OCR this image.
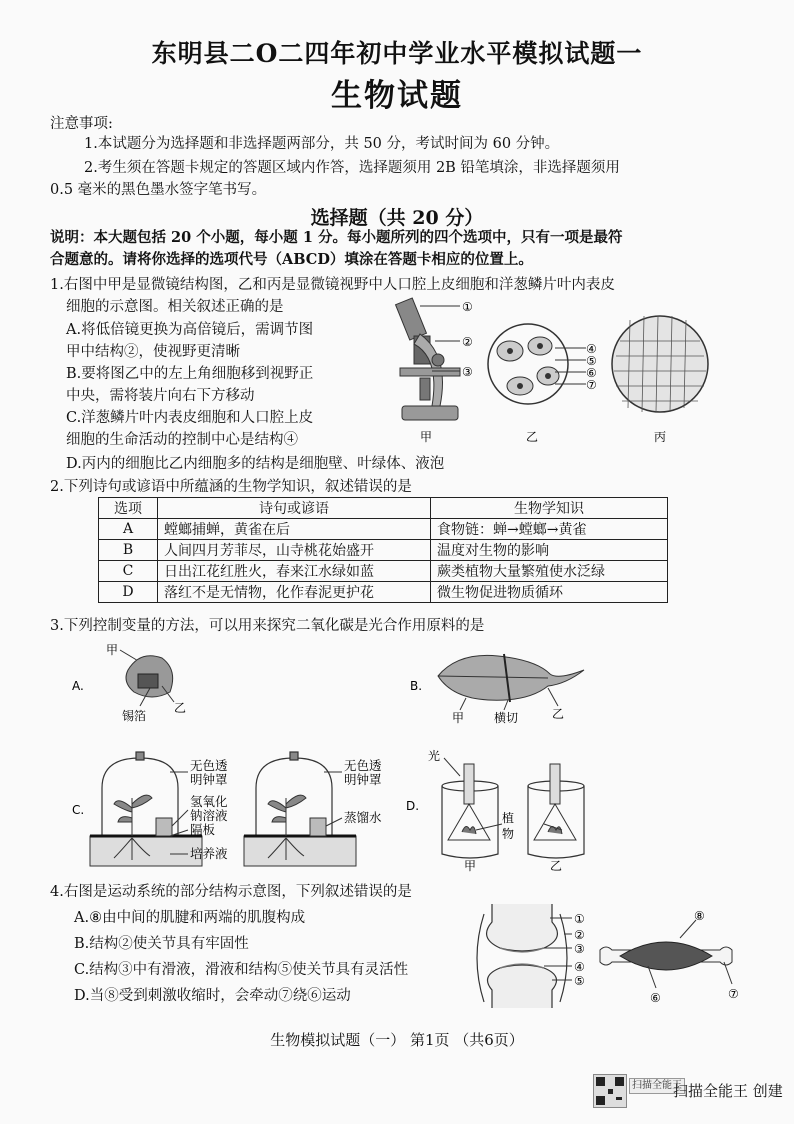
东明县二O二四年初中学业水平模拟试题一
生物试题
注意事项:
1.本试题分为选择题和非选择题两部分，共 50 分，考试时间为 60 分钟。
2.考生须在答题卡规定的答题区域内作答，选择题须用 2B 铅笔填涂，非选择题须用
0.5 毫米的黑色墨水签字笔书写。
选择题（共 20 分）
说明：本大题包括 20 个小题，每小题 1 分。每小题所列的四个选项中，只有一项是最符
合题意的。请将你选择的选项代号（ABCD）填涂在答题卡相应的位置上。
1.右图中甲是显微镜结构图，乙和丙是显微镜视野中人口腔上皮细胞和洋葱鳞片叶内表皮
细胞的示意图。相关叙述正确的是
A.将低倍镜更换为高倍镜后，需调节图
甲中结构②，使视野更清晰
B.要将图乙中的左上角细胞移到视野正
中央，需将装片向右下方移动
C.洋葱鳞片叶内表皮细胞和人口腔上皮
细胞的生命活动的控制中心是结构④
D.丙内的细胞比乙内细胞多的结构是细胞壁、叶绿体、液泡
①
②
③
甲
④
⑤
⑥
⑦
乙	丙
2.下列诗句或谚语中所蕴涵的生物学知识，叙述错误的是
选项	诗句或谚语	生物学知识
A	螳螂捕蝉，黄雀在后	食物链：蝉→螳螂→黄雀
B	人间四月芳菲尽，山寺桃花始盛开	温度对生物的影响
C	日出江花红胜火，春来江水绿如蓝	蕨类植物大量繁殖使水泛绿
D	落红不是无情物，化作春泥更护花	微生物促进物质循环
3.下列控制变量的方法，可以用来探究二氧化碳是光合作用原料的是
A.
甲
锡箔
乙
B.
甲 横切	乙
C.
无色透
明钟罩
氢氧化
钠溶液
隔板
培养液
无色透
明钟罩
蒸馏水
D.
光
植
物
甲	乙
4.右图是运动系统的部分结构示意图，下列叙述错误的是
A.⑧由中间的肌腱和两端的肌腹构成
B.结构②使关节具有牢固性
C.结构③中有滑液，滑液和结构⑤使关节具有灵活性
D.当⑧受到刺激收缩时，会牵动⑦绕⑥运动
①
②
③
④
⑤
⑧
⑥	⑦
生物模拟试题（一） 第1页 （共6页）
扫描全能王
扫描全能王 创建
